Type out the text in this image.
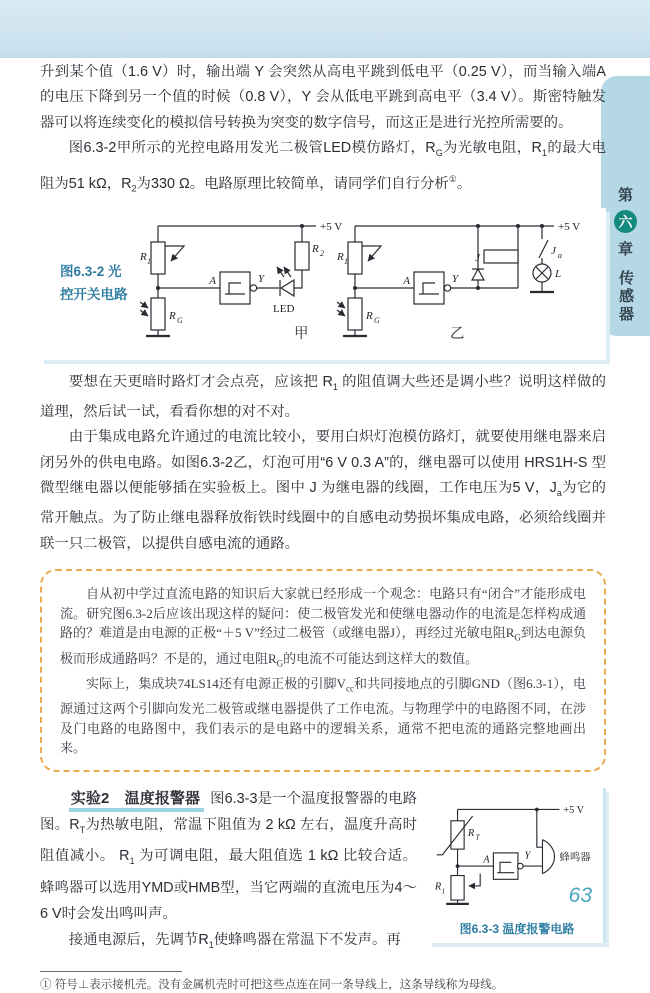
第
六
章
传感器

升到某个值（1.6 V）时，输出端 Y 会突然从高电平跳到低电平（0.25 V），而当输入端A 的电压下降到另一个值的时候（0.8 V），Y 会从低电平跳到高电平（3.4 V）。斯密特触发器可以将连续变化的模拟信号转换为突变的数字信号，而这正是进行光控所需要的。

图6.3-2甲所示的光控电路用发光二极管LED模仿路灯，$R_G$为光敏电阻，$R_1$的最大电阻为51 kΩ，$R_2$为330 Ω。电路原理比较简单，请同学们自行分析①。

图6.3-2 光
控开关电路
+5 V
R 1
R G
A	Y
LED
R 2
+5 V
R 1
R G
A	Y
J
J a
L
甲	乙

要想在天更暗时路灯才会点亮，应该把 $R_1$ 的阻值调大些还是调小些？说明这样做的道理，然后试一试，看看你想的对不对。

由于集成电路允许通过的电流比较小，要用白炽灯泡模仿路灯，就要使用继电器来启闭另外的供电电路。如图6.3-2乙，灯泡可用“6 V 0.3 A”的，继电器可以使用 HRS1H-S 型微型继电器以便能够插在实验板上。图中 J 为继电器的线圈，工作电压为5 V，$J_a$为它的常开触点。为了防止继电器释放衔铁时线圈中的自感电动势损坏集成电路，必须给线圈并联一只二极管，以提供自感电流的通路。

自从初中学过直流电路的知识后大家就已经形成一个观念：电路只有“闭合”才能形成电流。研究图6.3-2后应该出现这样的疑问：使二极管发光和使继电器动作的电流是怎样构成通路的？难道是由电源的正极“＋5 V”经过二极管（或继电器J），再经过光敏电阻$R_G$到达电源负极而形成通路吗？不是的，通过电阻$R_G$的电流不可能达到这样大的数值。

实际上，集成块74LS14还有电源正极的引脚$V_{cc}$和共同接地点的引脚GND（图6.3-1），电源通过这两个引脚向发光二极管或继电器提供了工作电流。与物理学中的电路图不同，在涉及门电路的电路图中，我们表示的是电路中的逻辑关系，通常不把电流的通路完整地画出来。

+5 V
R T
R 1
A	Y	蜂鸣器
图6.3-3 温度报警电路

实验2　温度报警器 图6.3-3是一个温度报警器的电路图。$R_T$为热敏电阻，常温下阻值为 2 kΩ 左右，温度升高时阻值减小。 $R_1$ 为可调电阻，最大阻值选 1 kΩ 比较合适。蜂鸣器可以选用YMD或HMB型，当它两端的直流电压为4～6 V时会发出鸣叫声。

接通电源后，先调节$R_1$使蜂鸣器在常温下不发声。再

① 符号⊥表示接机壳。没有金属机壳时可把这些点连在同一条导线上，这条导线称为母线。

63
